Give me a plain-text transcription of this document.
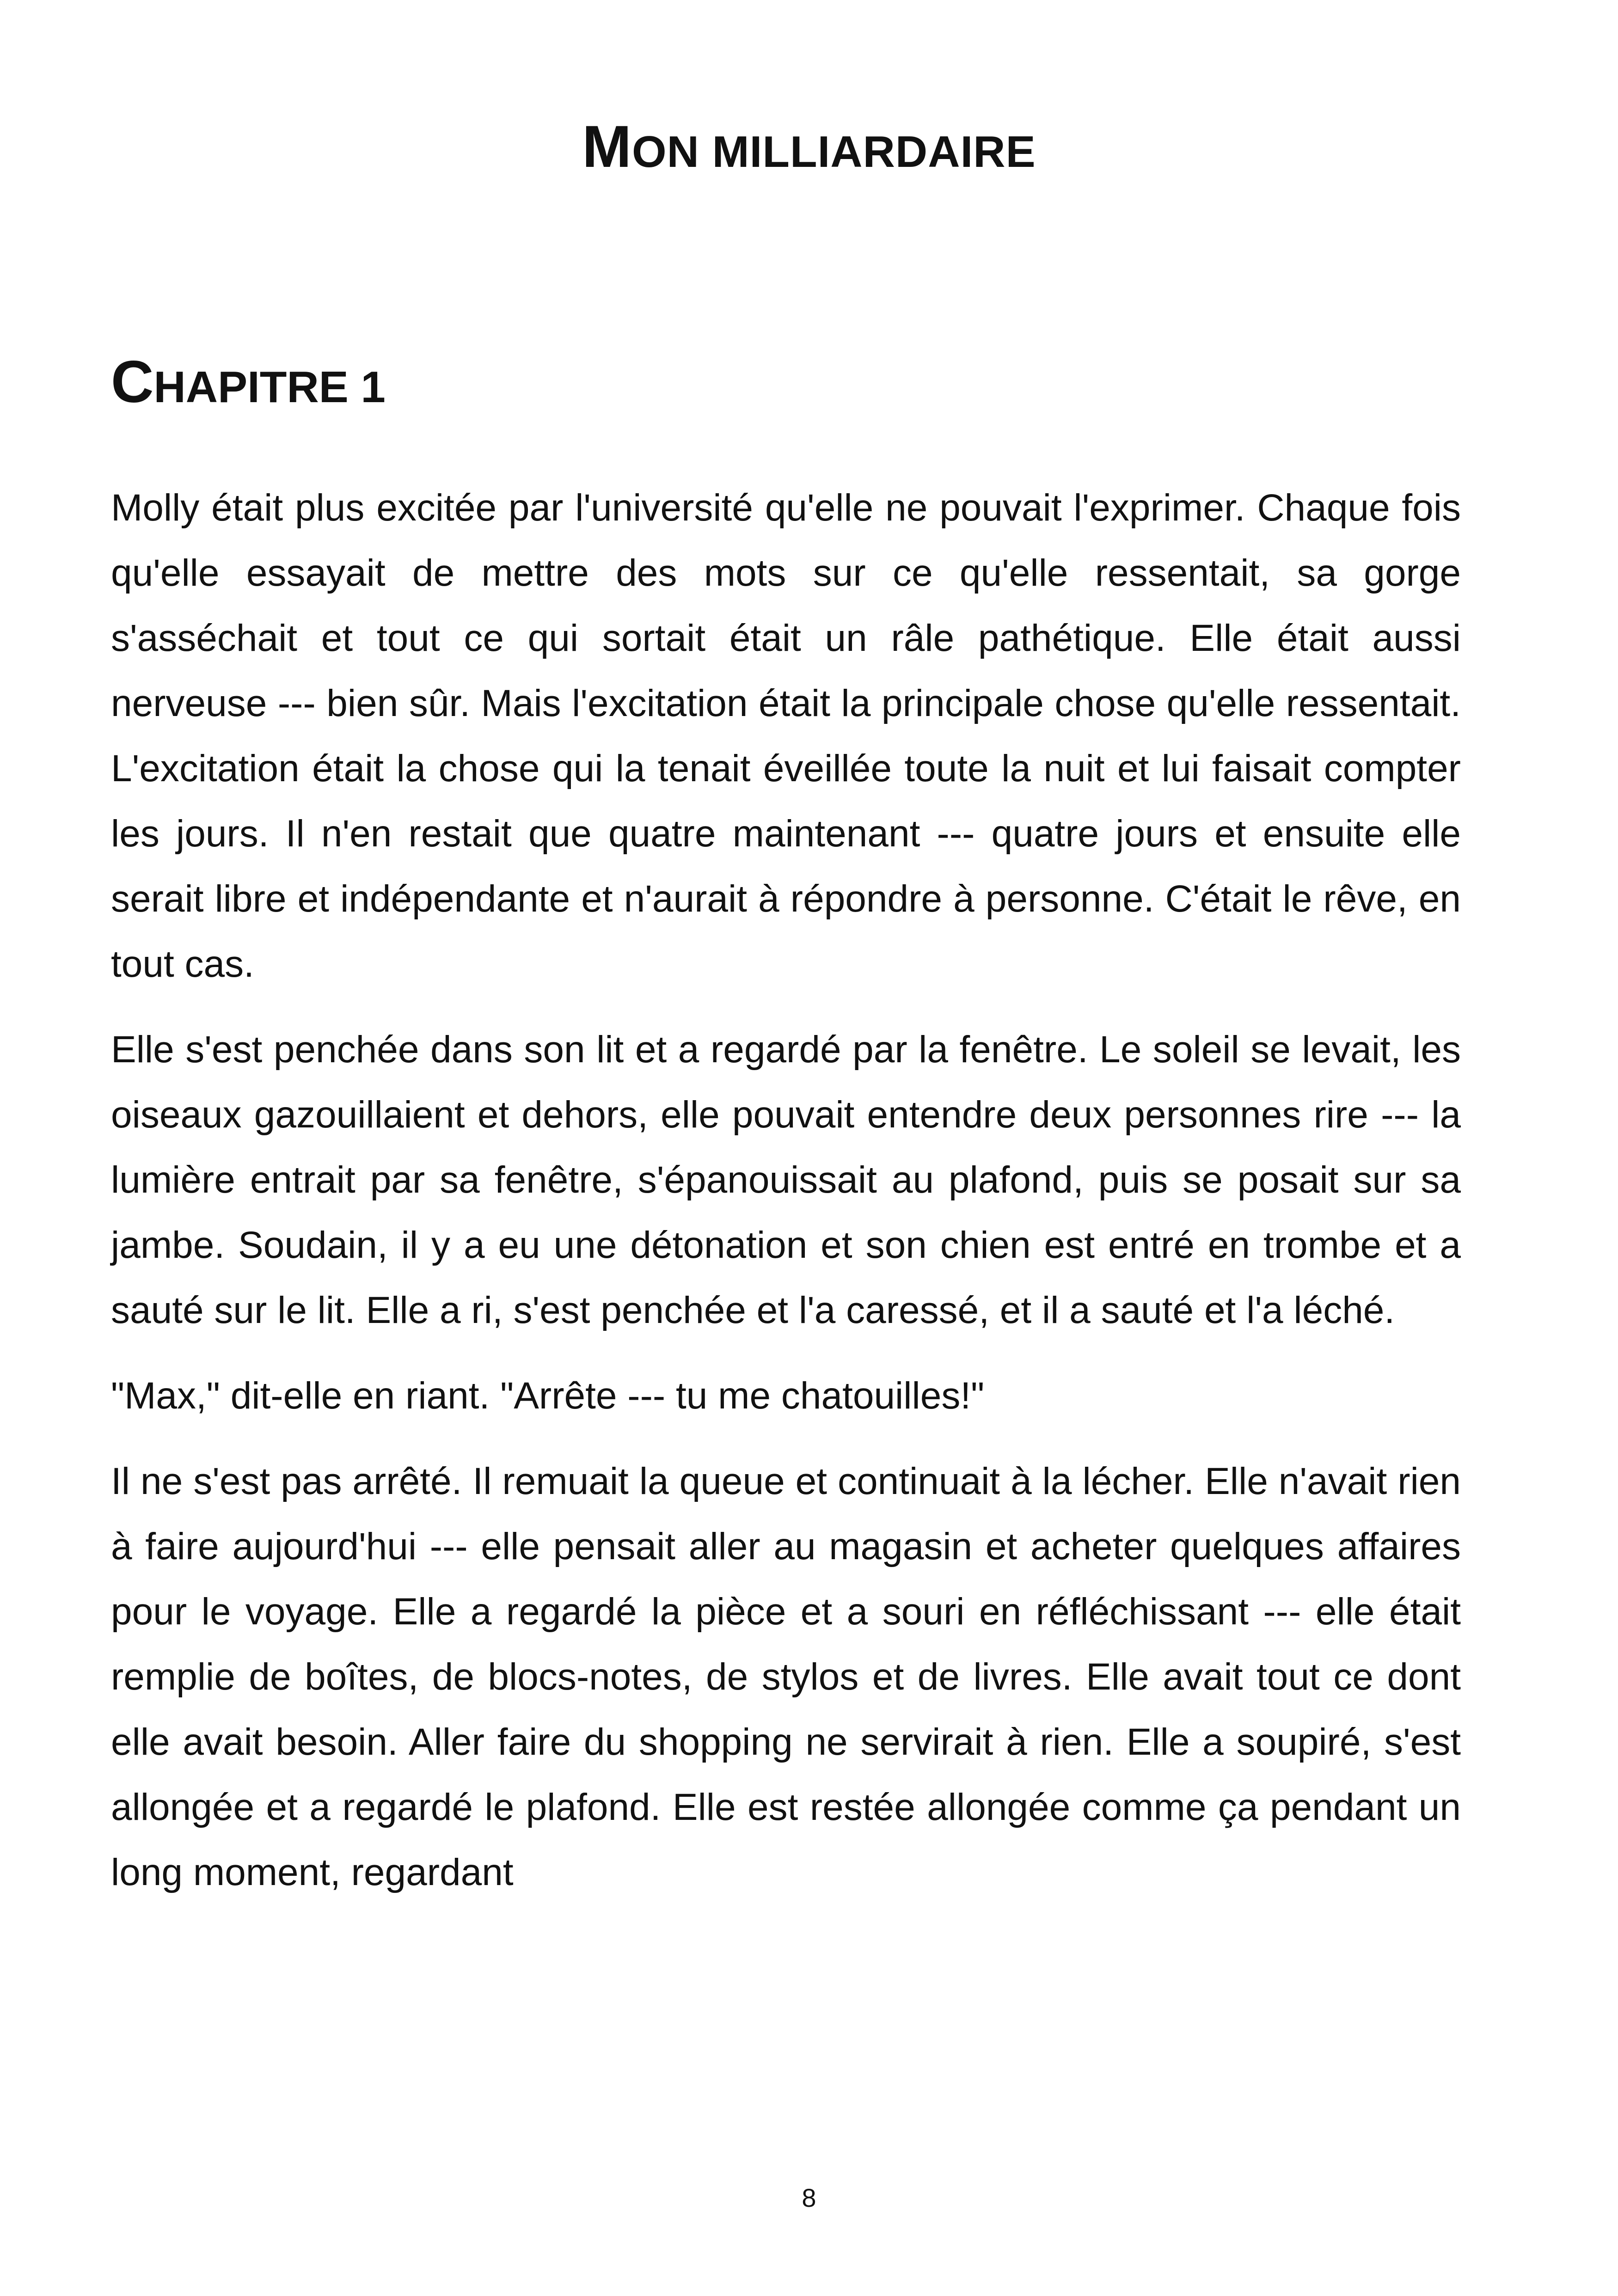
MON MILLIARDAIRE
CHAPITRE 1

Molly était plus excitée par l'université qu'elle ne pouvait l'exprimer. Chaque fois qu'elle essayait de mettre des mots sur ce qu'elle ressentait, sa gorge s'asséchait et tout ce qui sortait était un râle pathétique. Elle était aussi nerveuse --- bien sûr. Mais l'excitation était la principale chose qu'elle ressentait. L'excitation était la chose qui la tenait éveillée toute la nuit et lui faisait compter les jours. Il n'en restait que quatre maintenant --- quatre jours et ensuite elle serait libre et indépendante et n'aurait à répondre à personne. C'était le rêve, en tout cas.

Elle s'est penchée dans son lit et a regardé par la fenêtre. Le soleil se levait, les oiseaux gazouillaient et dehors, elle pouvait entendre deux personnes rire --- la lumière entrait par sa fenêtre, s'épanouissait au plafond, puis se posait sur sa jambe. Soudain, il y a eu une détonation et son chien est entré en trombe et a sauté sur le lit. Elle a ri, s'est penchée et l'a caressé, et il a sauté et l'a léché.

"Max," dit-elle en riant. "Arrête --- tu me chatouilles!"

Il ne s'est pas arrêté. Il remuait la queue et continuait à la lécher. Elle n'avait rien à faire aujourd'hui --- elle pensait aller au magasin et acheter quelques affaires pour le voyage. Elle a regardé la pièce et a souri en réfléchissant --- elle était remplie de boîtes, de blocs-notes, de stylos et de livres. Elle avait tout ce dont elle avait besoin. Aller faire du shopping ne servirait à rien. Elle a soupiré, s'est allongée et a regardé le plafond. Elle est restée allongée comme ça pendant un long moment, regardant

8
